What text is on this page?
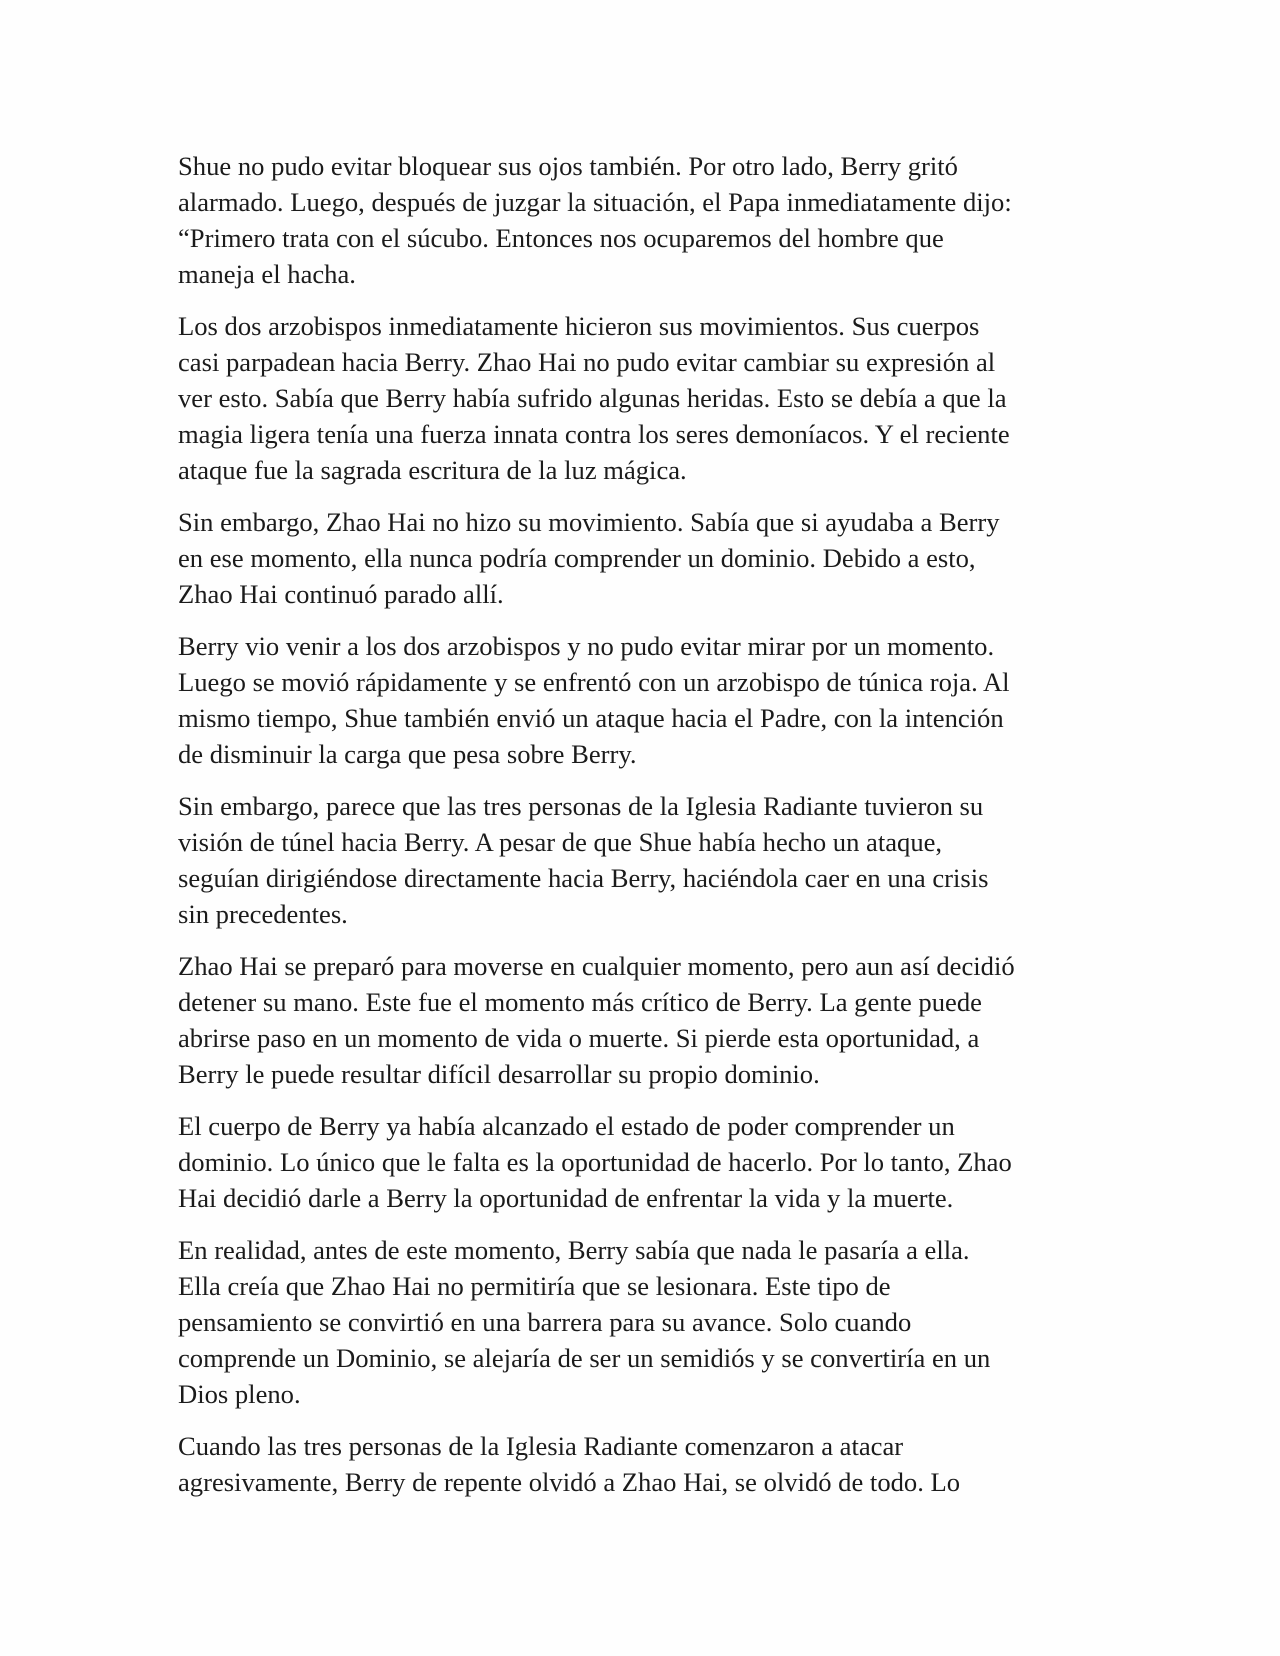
Shue no pudo evitar bloquear sus ojos también. Por otro lado, Berry gritó
alarmado. Luego, después de juzgar la situación, el Papa inmediatamente dijo:
“Primero trata con el súcubo. Entonces nos ocuparemos del hombre que
maneja el hacha.

Los dos arzobispos inmediatamente hicieron sus movimientos. Sus cuerpos
casi parpadean hacia Berry. Zhao Hai no pudo evitar cambiar su expresión al
ver esto. Sabía que Berry había sufrido algunas heridas. Esto se debía a que la
magia ligera tenía una fuerza innata contra los seres demoníacos. Y el reciente
ataque fue la sagrada escritura de la luz mágica.

Sin embargo, Zhao Hai no hizo su movimiento. Sabía que si ayudaba a Berry
en ese momento, ella nunca podría comprender un dominio. Debido a esto,
Zhao Hai continuó parado allí.

Berry vio venir a los dos arzobispos y no pudo evitar mirar por un momento.
Luego se movió rápidamente y se enfrentó con un arzobispo de túnica roja. Al
mismo tiempo, Shue también envió un ataque hacia el Padre, con la intención
de disminuir la carga que pesa sobre Berry.

Sin embargo, parece que las tres personas de la Iglesia Radiante tuvieron su
visión de túnel hacia Berry. A pesar de que Shue había hecho un ataque,
seguían dirigiéndose directamente hacia Berry, haciéndola caer en una crisis
sin precedentes.

Zhao Hai se preparó para moverse en cualquier momento, pero aun así decidió
detener su mano. Este fue el momento más crítico de Berry. La gente puede
abrirse paso en un momento de vida o muerte. Si pierde esta oportunidad, a
Berry le puede resultar difícil desarrollar su propio dominio.

El cuerpo de Berry ya había alcanzado el estado de poder comprender un
dominio. Lo único que le falta es la oportunidad de hacerlo. Por lo tanto, Zhao
Hai decidió darle a Berry la oportunidad de enfrentar la vida y la muerte.

En realidad, antes de este momento, Berry sabía que nada le pasaría a ella.
Ella creía que Zhao Hai no permitiría que se lesionara. Este tipo de
pensamiento se convirtió en una barrera para su avance. Solo cuando
comprende un Dominio, se alejaría de ser un semidiós y se convertiría en un
Dios pleno.

Cuando las tres personas de la Iglesia Radiante comenzaron a atacar
agresivamente, Berry de repente olvidó a Zhao Hai, se olvidó de todo. Lo
